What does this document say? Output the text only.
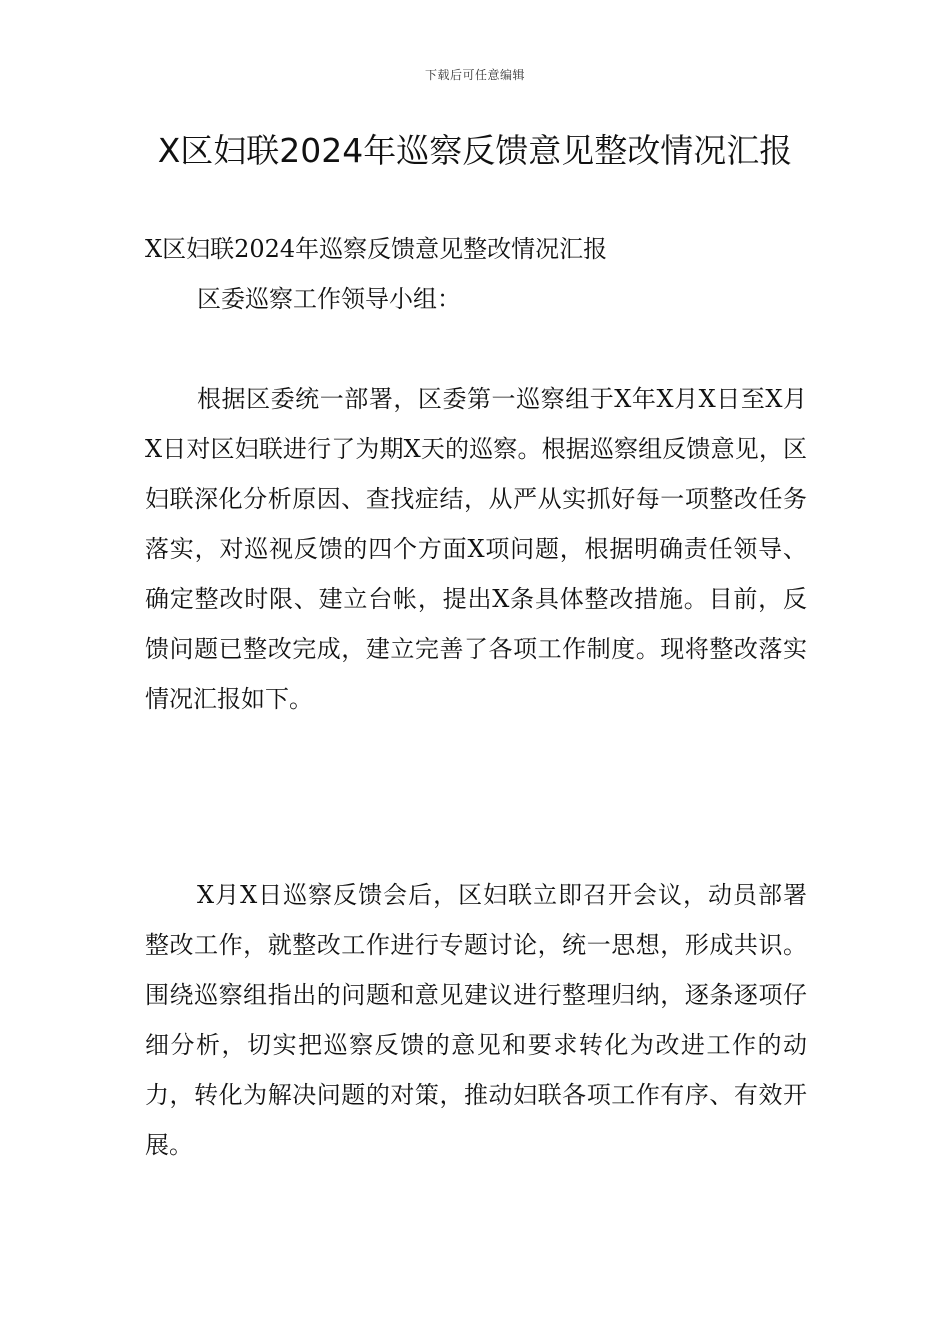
下载后可任意编辑
X区妇联2024年巡察反馈意见整改情况汇报

X区妇联2024年巡察反馈意见整改情况汇报

区委巡察工作领导小组：

根据区委统一部署，区委第一巡察组于X年X月X日至X月X日对区妇联进行了为期X天的巡察。根据巡察组反馈意见，区妇联深化分析原因、查找症结，从严从实抓好每一项整改任务落实，对巡视反馈的四个方面X项问题，根据明确责任领导、确定整改时限、建立台帐，提出X条具体整改措施。目前，反馈问题已整改完成，建立完善了各项工作制度。现将整改落实情况汇报如下。

X月X日巡察反馈会后，区妇联立即召开会议，动员部署整改工作，就整改工作进行专题讨论，统一思想，形成共识。围绕巡察组指出的问题和意见建议进行整理归纳，逐条逐项仔细分析，切实把巡察反馈的意见和要求转化为改进工作的动力，转化为解决问题的对策，推动妇联各项工作有序、有效开展。
